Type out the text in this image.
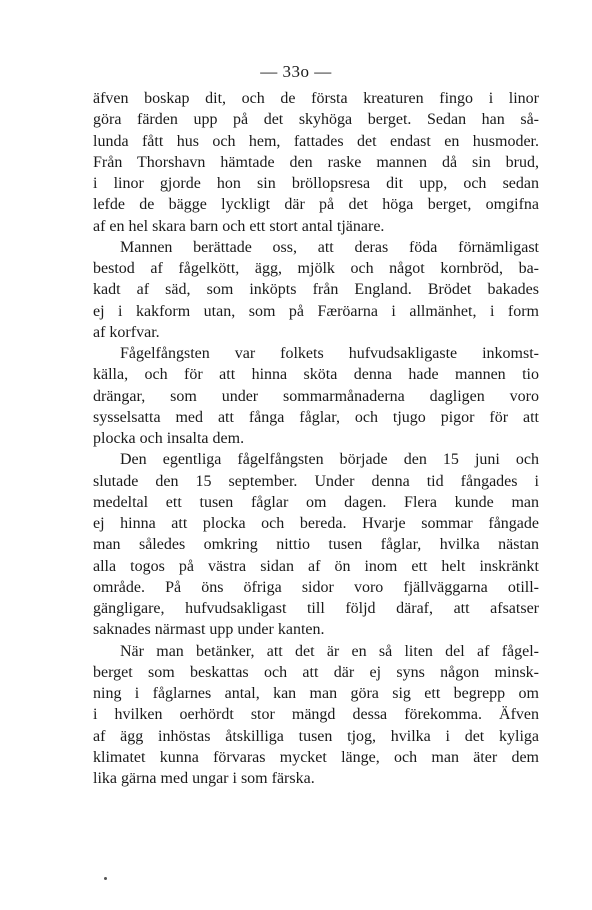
— 33o —
äfven boskap dit, och de första kreaturen fingo i linor
göra färden upp på det skyhöga berget. Sedan han så-
lunda fått hus och hem, fattades det endast en husmoder.
Från Thorshavn hämtade den raske mannen då sin brud,
i linor gjorde hon sin bröllopsresa dit upp, och sedan
lefde de bägge lyckligt där på det höga berget, omgifna
af en hel skara barn och ett stort antal tjänare.
Mannen berättade oss, att deras föda förnämligast
bestod af fågelkött, ägg, mjölk och något kornbröd, ba-
kadt af säd, som inköpts från England. Brödet bakades
ej i kakform utan, som på Færöarna i allmänhet, i form
af korfvar.
Fågelfångsten var folkets hufvudsakligaste inkomst-
källa, och för att hinna sköta denna hade mannen tio
drängar, som under sommarmånaderna dagligen voro
sysselsatta med att fånga fåglar, och tjugo pigor för att
plocka och insalta dem.
Den egentliga fågelfångsten började den 15 juni och
slutade den 15 september. Under denna tid fångades i
medeltal ett tusen fåglar om dagen. Flera kunde man
ej hinna att plocka och bereda. Hvarje sommar fångade
man således omkring nittio tusen fåglar, hvilka nästan
alla togos på västra sidan af ön inom ett helt inskränkt
område. På öns öfriga sidor voro fjällväggarna otill-
gängligare, hufvudsakligast till följd däraf, att afsatser
saknades närmast upp under kanten.
När man betänker, att det är en så liten del af fågel-
berget som beskattas och att där ej syns någon minsk-
ning i fåglarnes antal, kan man göra sig ett begrepp om
i hvilken oerhördt stor mängd dessa förekomma. Äfven
af ägg inhöstas åtskilliga tusen tjog, hvilka i det kyliga
klimatet kunna förvaras mycket länge, och man äter dem
lika gärna med ungar i som färska.
